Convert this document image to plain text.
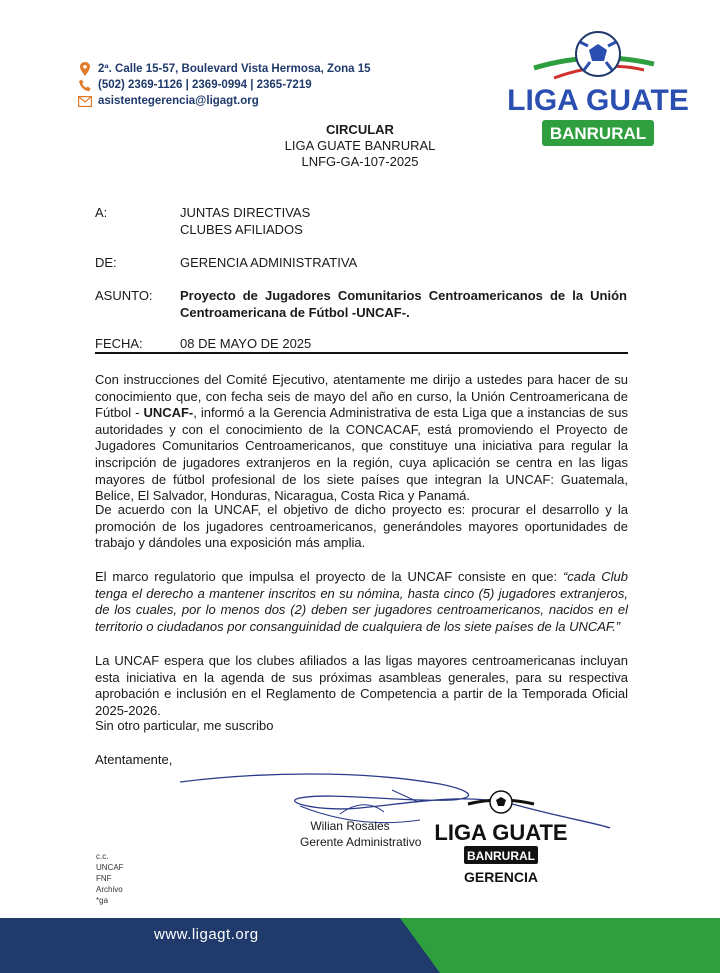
2ª. Calle 15-57, Boulevard Vista Hermosa, Zona 15
(502) 2369-1126 | 2369-0994 | 2365-7219
asistentegerencia@ligagt.org	LIGA GUATE
BANRURAL
CIRCULAR
LIGA GUATE BANRURAL
LNFG-GA-107-2025
A:	JUNTAS DIRECTIVAS
CLUBES AFILIADOS
DE:	GERENCIA ADMINISTRATIVA
ASUNTO: Proyecto de Jugadores Comunitarios Centroamericanos de la Unión Centroamericana de Fútbol -UNCAF-.
FECHA:	08 DE MAYO DE 2025
Con instrucciones del Comité Ejecutivo, atentamente me dirijo a ustedes para hacer de su conocimiento que, con fecha seis de mayo del año en curso, la Unión Centroamericana de Fútbol - UNCAF-, informó a la Gerencia Administrativa de esta Liga que a instancias de sus autoridades y con el conocimiento de la CONCACAF, está promoviendo el Proyecto de Jugadores Comunitarios Centroamericanos, que constituye una iniciativa para regular la inscripción de jugadores extranjeros en la región, cuya aplicación se centra en las ligas mayores de fútbol profesional de los siete países que integran la UNCAF: Guatemala, Belice, El Salvador, Honduras, Nicaragua, Costa Rica y Panamá.
De acuerdo con la UNCAF, el objetivo de dicho proyecto es: procurar el desarrollo y la promoción de los jugadores centroamericanos, generándoles mayores oportunidades de trabajo y dándoles una exposición más amplia.
El marco regulatorio que impulsa el proyecto de la UNCAF consiste en que: “cada Club tenga el derecho a mantener inscritos en su nómina, hasta cinco (5) jugadores extranjeros, de los cuales, por lo menos dos (2) deben ser jugadores centroamericanos, nacidos en el territorio o ciudadanos por consanguinidad de cualquiera de los siete países de la UNCAF.”
La UNCAF espera que los clubes afiliados a las ligas mayores centroamericanas incluyan esta iniciativa en la agenda de sus próximas asambleas generales, para su respectiva aprobación e inclusión en el Reglamento de Competencia a partir de la Temporada Oficial 2025-2026.
Sin otro particular, me suscribo
Atentamente,
Wilian Rosales
Gerente Administrativo LIGA GUATE
BANRURAL
GERENCIA
c.c.
UNCAF
FNF
Archivo
*ga
www.ligagt.org
